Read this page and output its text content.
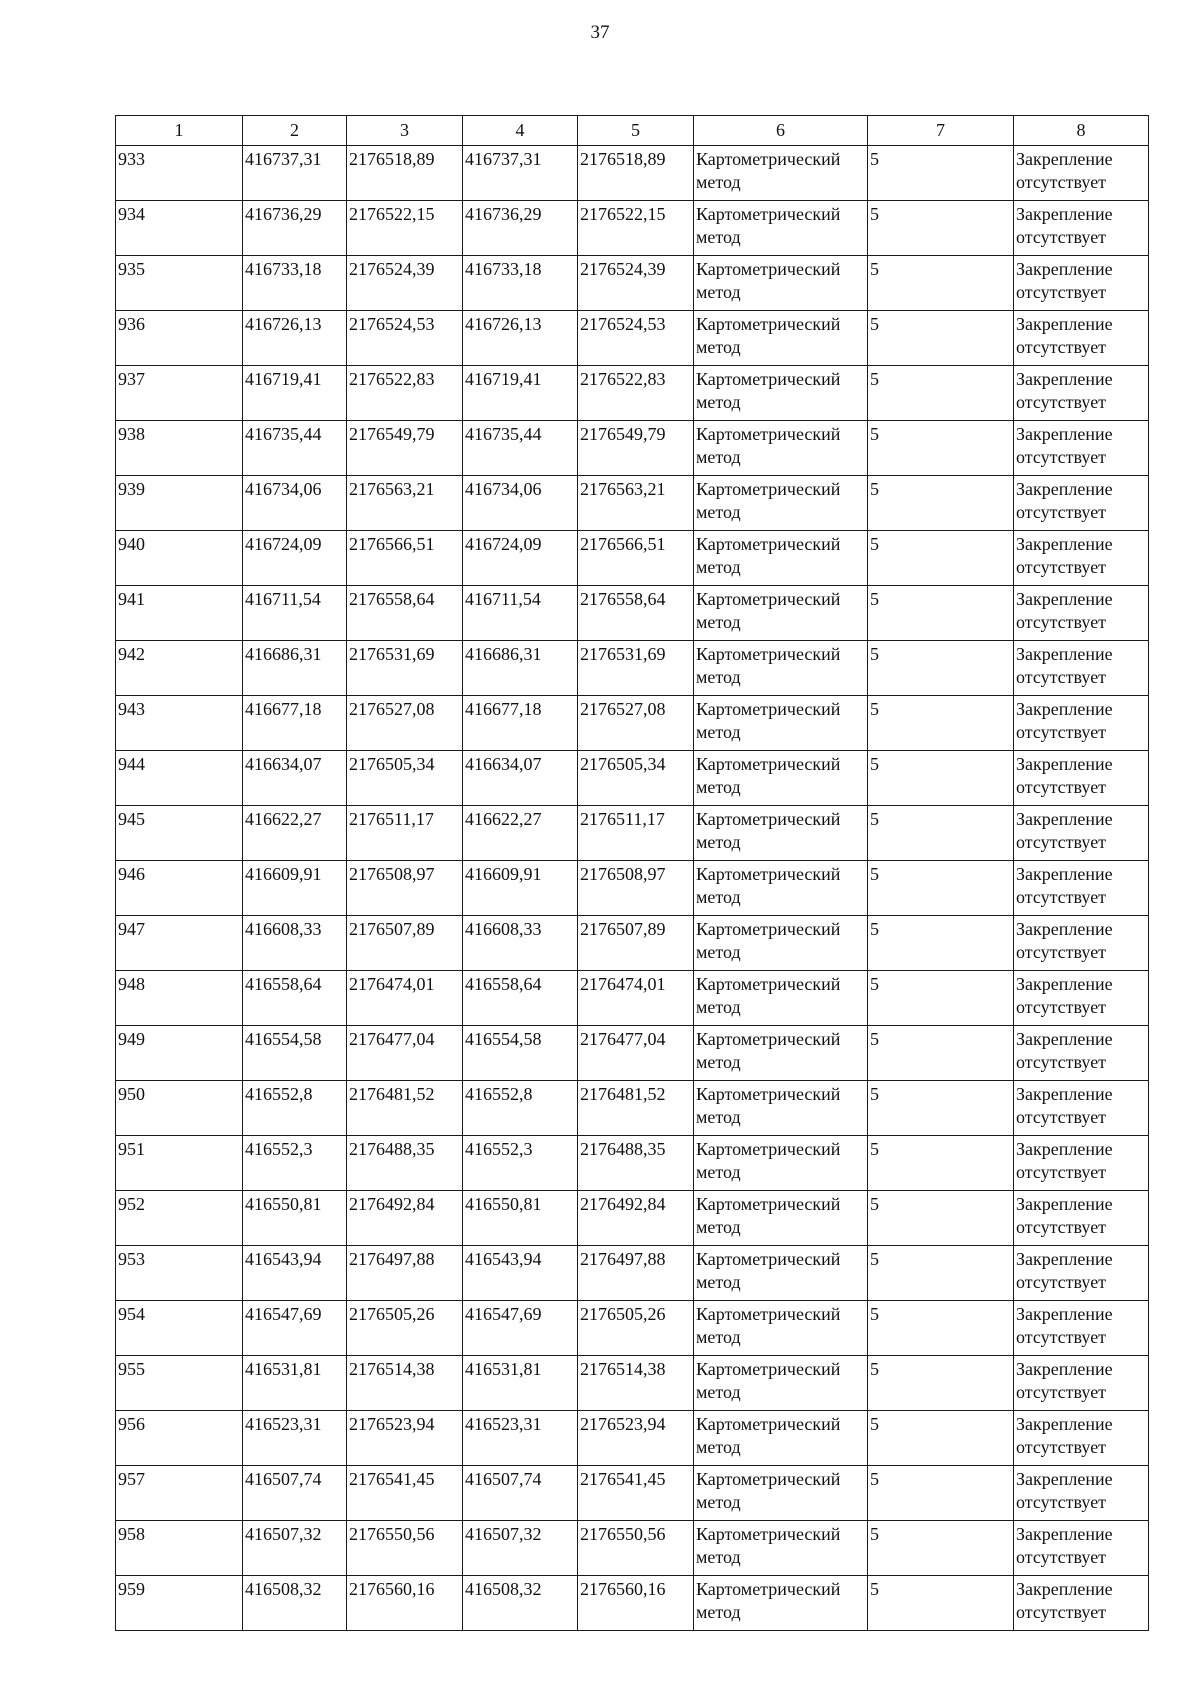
37
1	2	3	4	5	6	7	8
933	416737,31	2176518,89	416737,31	2176518,89	Картометрический метод	5	Закрепление отсутствует
934	416736,29	2176522,15	416736,29	2176522,15	Картометрический метод	5	Закрепление отсутствует
935	416733,18	2176524,39	416733,18	2176524,39	Картометрический метод	5	Закрепление отсутствует
936	416726,13	2176524,53	416726,13	2176524,53	Картометрический метод	5	Закрепление отсутствует
937	416719,41	2176522,83	416719,41	2176522,83	Картометрический метод	5	Закрепление отсутствует
938	416735,44	2176549,79	416735,44	2176549,79	Картометрический метод	5	Закрепление отсутствует
939	416734,06	2176563,21	416734,06	2176563,21	Картометрический метод	5	Закрепление отсутствует
940	416724,09	2176566,51	416724,09	2176566,51	Картометрический метод	5	Закрепление отсутствует
941	416711,54	2176558,64	416711,54	2176558,64	Картометрический метод	5	Закрепление отсутствует
942	416686,31	2176531,69	416686,31	2176531,69	Картометрический метод	5	Закрепление отсутствует
943	416677,18	2176527,08	416677,18	2176527,08	Картометрический метод	5	Закрепление отсутствует
944	416634,07	2176505,34	416634,07	2176505,34	Картометрический метод	5	Закрепление отсутствует
945	416622,27	2176511,17	416622,27	2176511,17	Картометрический метод	5	Закрепление отсутствует
946	416609,91	2176508,97	416609,91	2176508,97	Картометрический метод	5	Закрепление отсутствует
947	416608,33	2176507,89	416608,33	2176507,89	Картометрический метод	5	Закрепление отсутствует
948	416558,64	2176474,01	416558,64	2176474,01	Картометрический метод	5	Закрепление отсутствует
949	416554,58	2176477,04	416554,58	2176477,04	Картометрический метод	5	Закрепление отсутствует
950	416552,8	2176481,52	416552,8	2176481,52	Картометрический метод	5	Закрепление отсутствует
951	416552,3	2176488,35	416552,3	2176488,35	Картометрический метод	5	Закрепление отсутствует
952	416550,81	2176492,84	416550,81	2176492,84	Картометрический метод	5	Закрепление отсутствует
953	416543,94	2176497,88	416543,94	2176497,88	Картометрический метод	5	Закрепление отсутствует
954	416547,69	2176505,26	416547,69	2176505,26	Картометрический метод	5	Закрепление отсутствует
955	416531,81	2176514,38	416531,81	2176514,38	Картометрический метод	5	Закрепление отсутствует
956	416523,31	2176523,94	416523,31	2176523,94	Картометрический метод	5	Закрепление отсутствует
957	416507,74	2176541,45	416507,74	2176541,45	Картометрический метод	5	Закрепление отсутствует
958	416507,32	2176550,56	416507,32	2176550,56	Картометрический метод	5	Закрепление отсутствует
959	416508,32	2176560,16	416508,32	2176560,16	Картометрический метод	5	Закрепление отсутствует
